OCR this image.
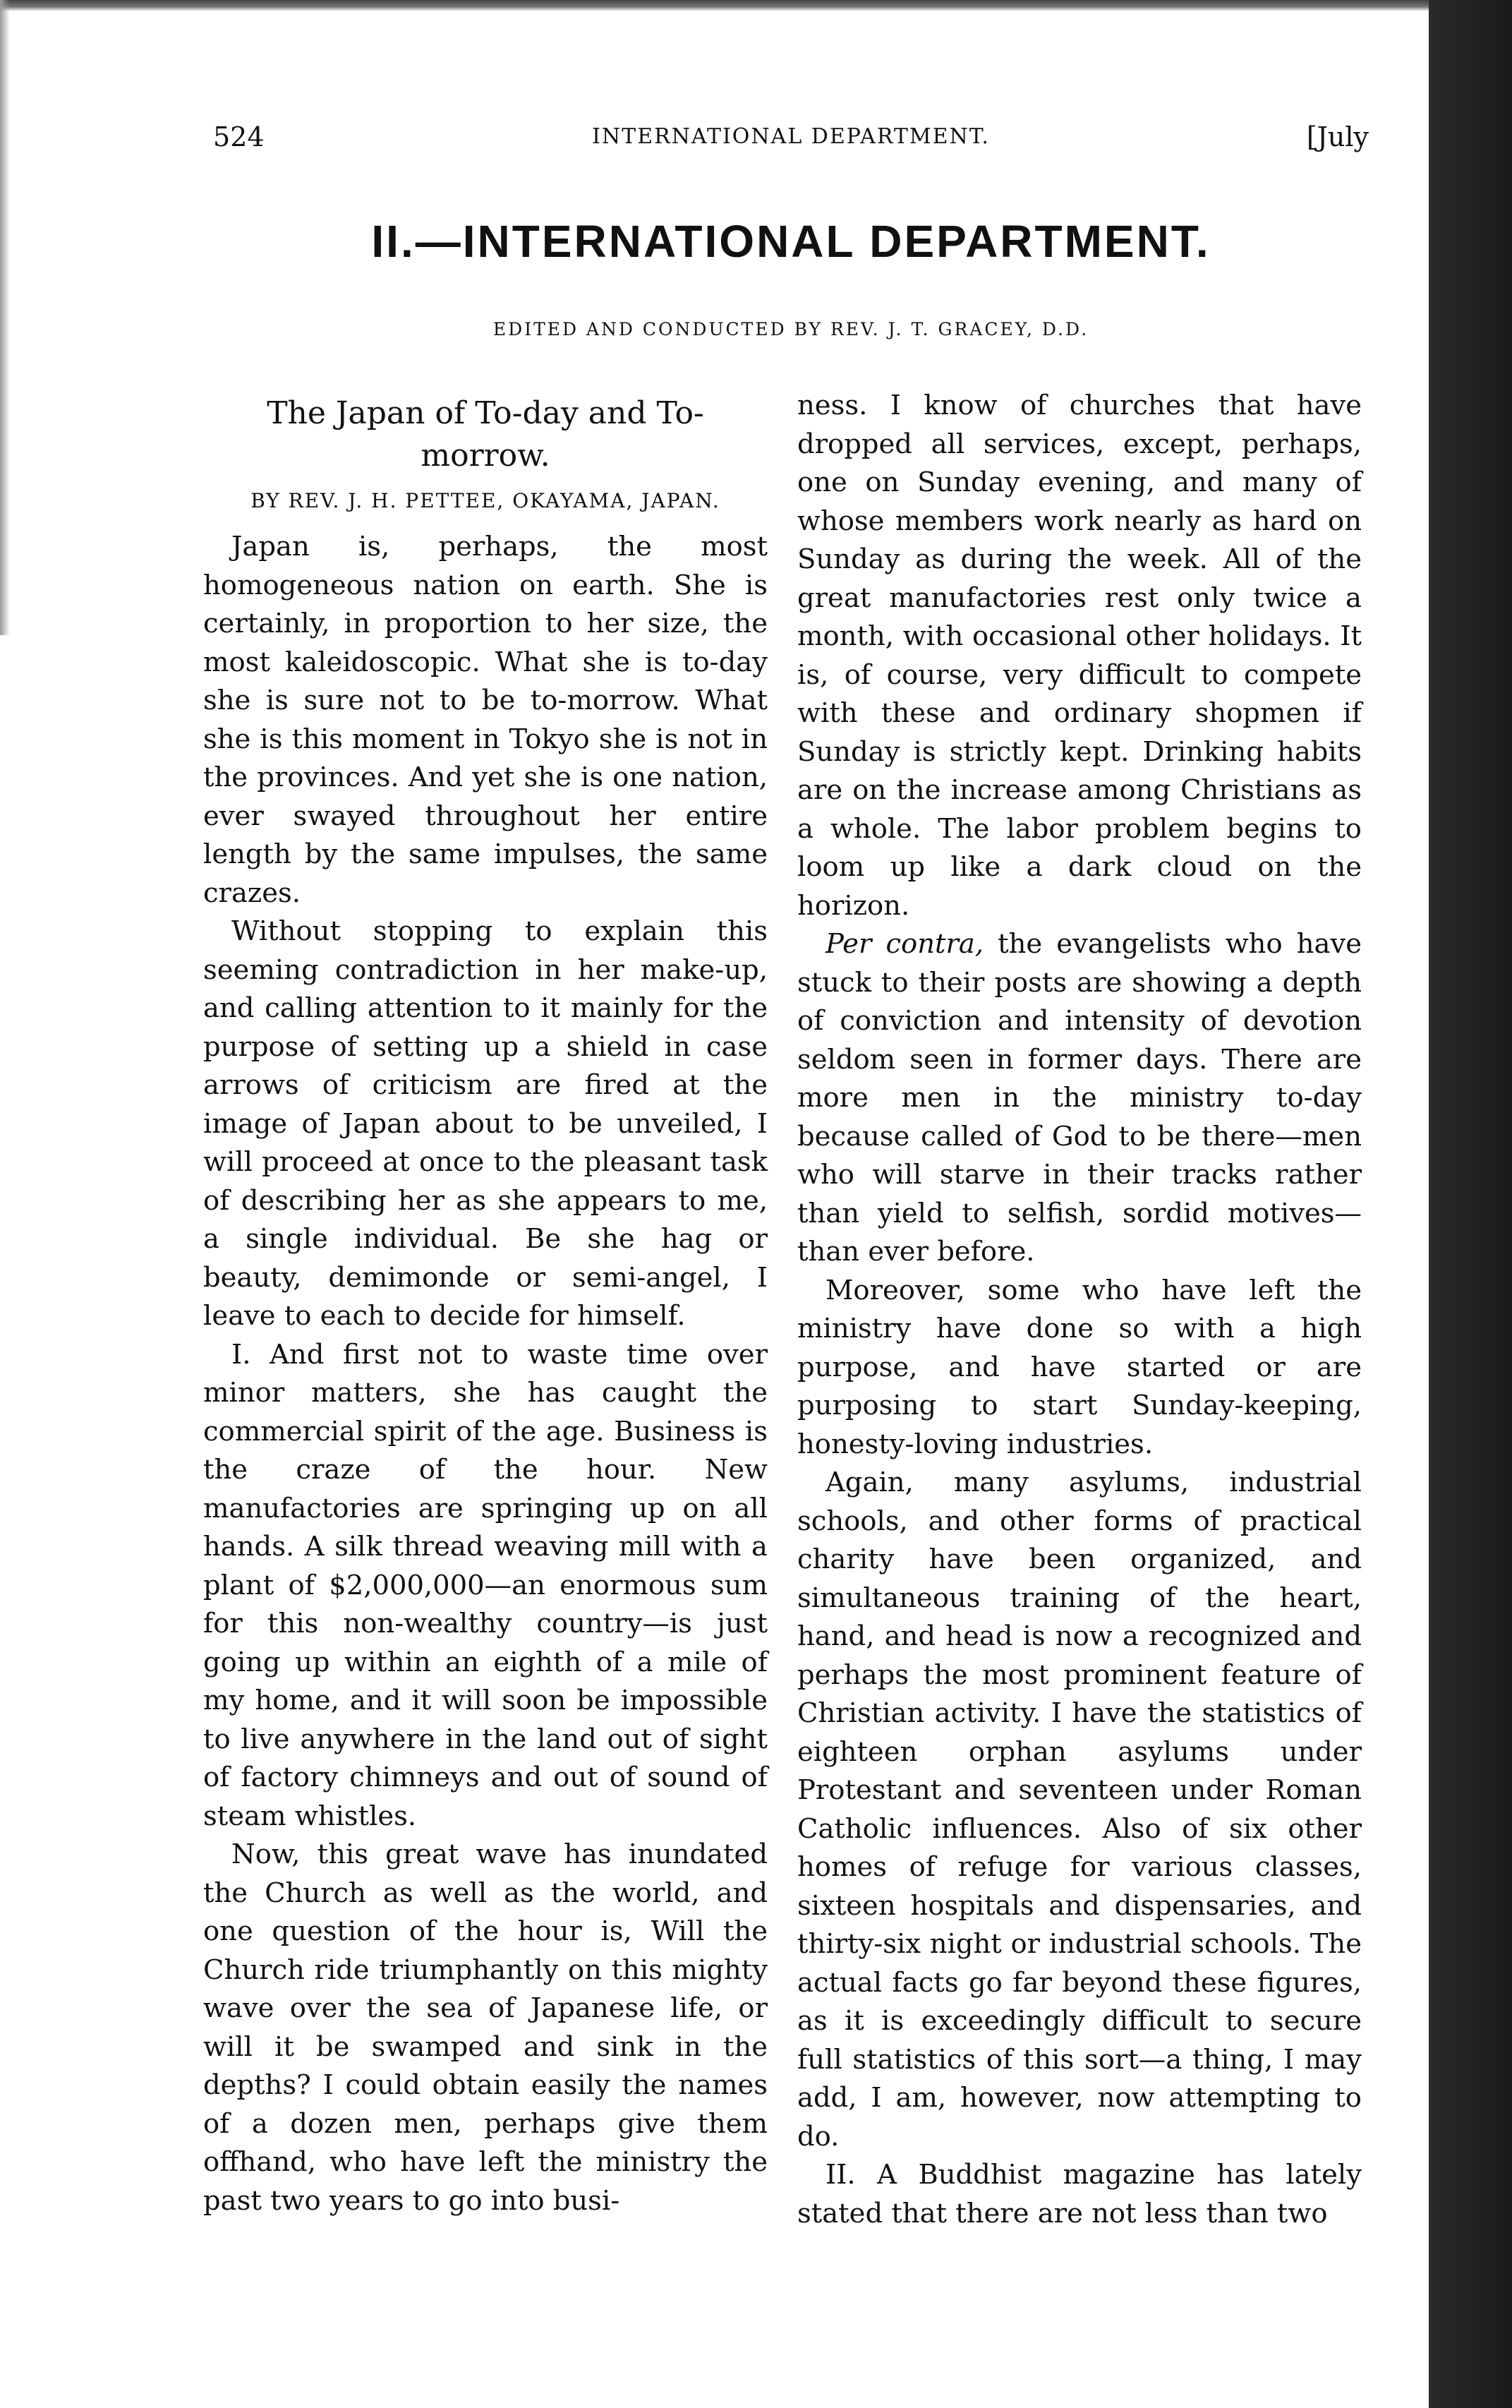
524	INTERNATIONAL DEPARTMENT.	[July
II.—INTERNATIONAL DEPARTMENT.
EDITED AND CONDUCTED BY REV. J. T. GRACEY, D.D.
The Japan of To-day and To-morrow.
BY REV. J. H. PETTEE, OKAYAMA, JAPAN.

Japan is, perhaps, the most homogeneous nation on earth. She is certainly, in proportion to her size, the most kaleidoscopic. What she is to-day she is sure not to be to-morrow. What she is this moment in Tokyo she is not in the provinces. And yet she is one nation, ever swayed throughout her entire length by the same impulses, the same crazes.

Without stopping to explain this seeming contradiction in her make-up, and calling attention to it mainly for the purpose of setting up a shield in case arrows of criticism are fired at the image of Japan about to be unveiled, I will proceed at once to the pleasant task of describing her as she appears to me, a single individual. Be she hag or beauty, demimonde or semi-angel, I leave to each to decide for himself.

I. And first not to waste time over minor matters, she has caught the commercial spirit of the age. Business is the craze of the hour. New manufactories are springing up on all hands. A silk thread weaving mill with a plant of $2,000,000—an enormous sum for this non-wealthy country—is just going up within an eighth of a mile of my home, and it will soon be impossible to live anywhere in the land out of sight of factory chimneys and out of sound of steam whistles.

Now, this great wave has inundated the Church as well as the world, and one question of the hour is, Will the Church ride triumphantly on this mighty wave over the sea of Japanese life, or will it be swamped and sink in the depths? I could obtain easily the names of a dozen men, perhaps give them offhand, who have left the ministry the past two years to go into busi-

ness. I know of churches that have dropped all services, except, perhaps, one on Sunday evening, and many of whose members work nearly as hard on Sunday as during the week. All of the great manufactories rest only twice a month, with occasional other holidays. It is, of course, very difficult to compete with these and ordinary shopmen if Sunday is strictly kept. Drinking habits are on the increase among Christians as a whole. The labor problem begins to loom up like a dark cloud on the horizon.

Per contra, the evangelists who have stuck to their posts are showing a depth of conviction and intensity of devotion seldom seen in former days. There are more men in the ministry to-day because called of God to be there—men who will starve in their tracks rather than yield to selfish, sordid motives—than ever before.

Moreover, some who have left the ministry have done so with a high purpose, and have started or are purposing to start Sunday-keeping, honesty-loving industries.

Again, many asylums, industrial schools, and other forms of practical charity have been organized, and simultaneous training of the heart, hand, and head is now a recognized and perhaps the most prominent feature of Christian activity. I have the statistics of eighteen orphan asylums under Protestant and seventeen under Roman Catholic influences. Also of six other homes of refuge for various classes, sixteen hospitals and dispensaries, and thirty-six night or industrial schools. The actual facts go far beyond these figures, as it is exceedingly difficult to secure full statistics of this sort—a thing, I may add, I am, however, now attempting to do.

II. A Buddhist magazine has lately stated that there are not less than two
